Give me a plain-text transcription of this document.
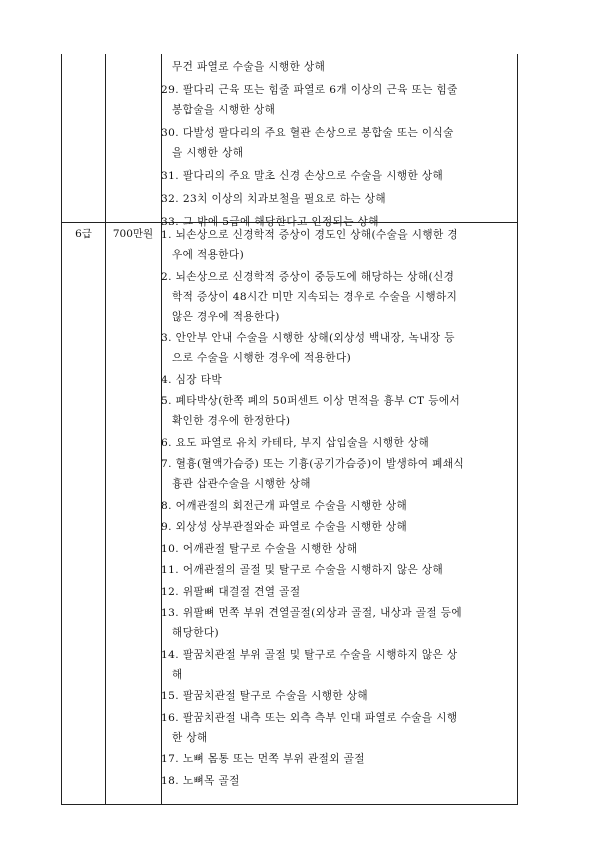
6급	700만원
무건 파열로 수술을 시행한 상해
29. 팔다리 근육 또는 힘줄 파열로 6개 이상의 근육 또는 힘줄
봉합술을 시행한 상해
30. 다발성 팔다리의 주요 혈관 손상으로 봉합술 또는 이식술
을 시행한 상해
31. 팔다리의 주요 말초 신경 손상으로 수술을 시행한 상해
32. 23치 이상의 치과보철을 필요로 하는 상해
33. 그 밖에 5급에 해당한다고 인정되는 상해
1. 뇌손상으로 신경학적 증상이 경도인 상해(수술을 시행한 경
우에 적용한다)
2. 뇌손상으로 신경학적 증상이 중등도에 해당하는 상해(신경
학적 증상이 48시간 미만 지속되는 경우로 수술을 시행하지
않은 경우에 적용한다)
3. 안안부 안내 수술을 시행한 상해(외상성 백내장, 녹내장 등
으로 수술을 시행한 경우에 적용한다)
4. 심장 타박
5. 폐타박상(한쪽 폐의 50퍼센트 이상 면적을 흉부 CT 등에서
확인한 경우에 한정한다)
6. 요도 파열로 유치 카테타, 부지 삽입술을 시행한 상해
7. 혈흉(혈액가슴증) 또는 기흉(공기가슴증)이 발생하여 폐쇄식
흉관 삽관수술을 시행한 상해
8. 어깨관절의 회전근개 파열로 수술을 시행한 상해
9. 외상성 상부관절와순 파열로 수술을 시행한 상해
10. 어깨관절 탈구로 수술을 시행한 상해
11. 어깨관절의 골절 및 탈구로 수술을 시행하지 않은 상해
12. 위팔뼈 대결절 견열 골절
13. 위팔뼈 먼쪽 부위 견열골절(외상과 골절, 내상과 골절 등에
해당한다)
14. 팔꿈치관절 부위 골절 및 탈구로 수술을 시행하지 않은 상
해
15. 팔꿈치관절 탈구로 수술을 시행한 상해
16. 팔꿈치관절 내측 또는 외측 측부 인대 파열로 수술을 시행
한 상해
17. 노뼈 몸통 또는 먼쪽 부위 관절외 골절
18. 노뼈목 골절
